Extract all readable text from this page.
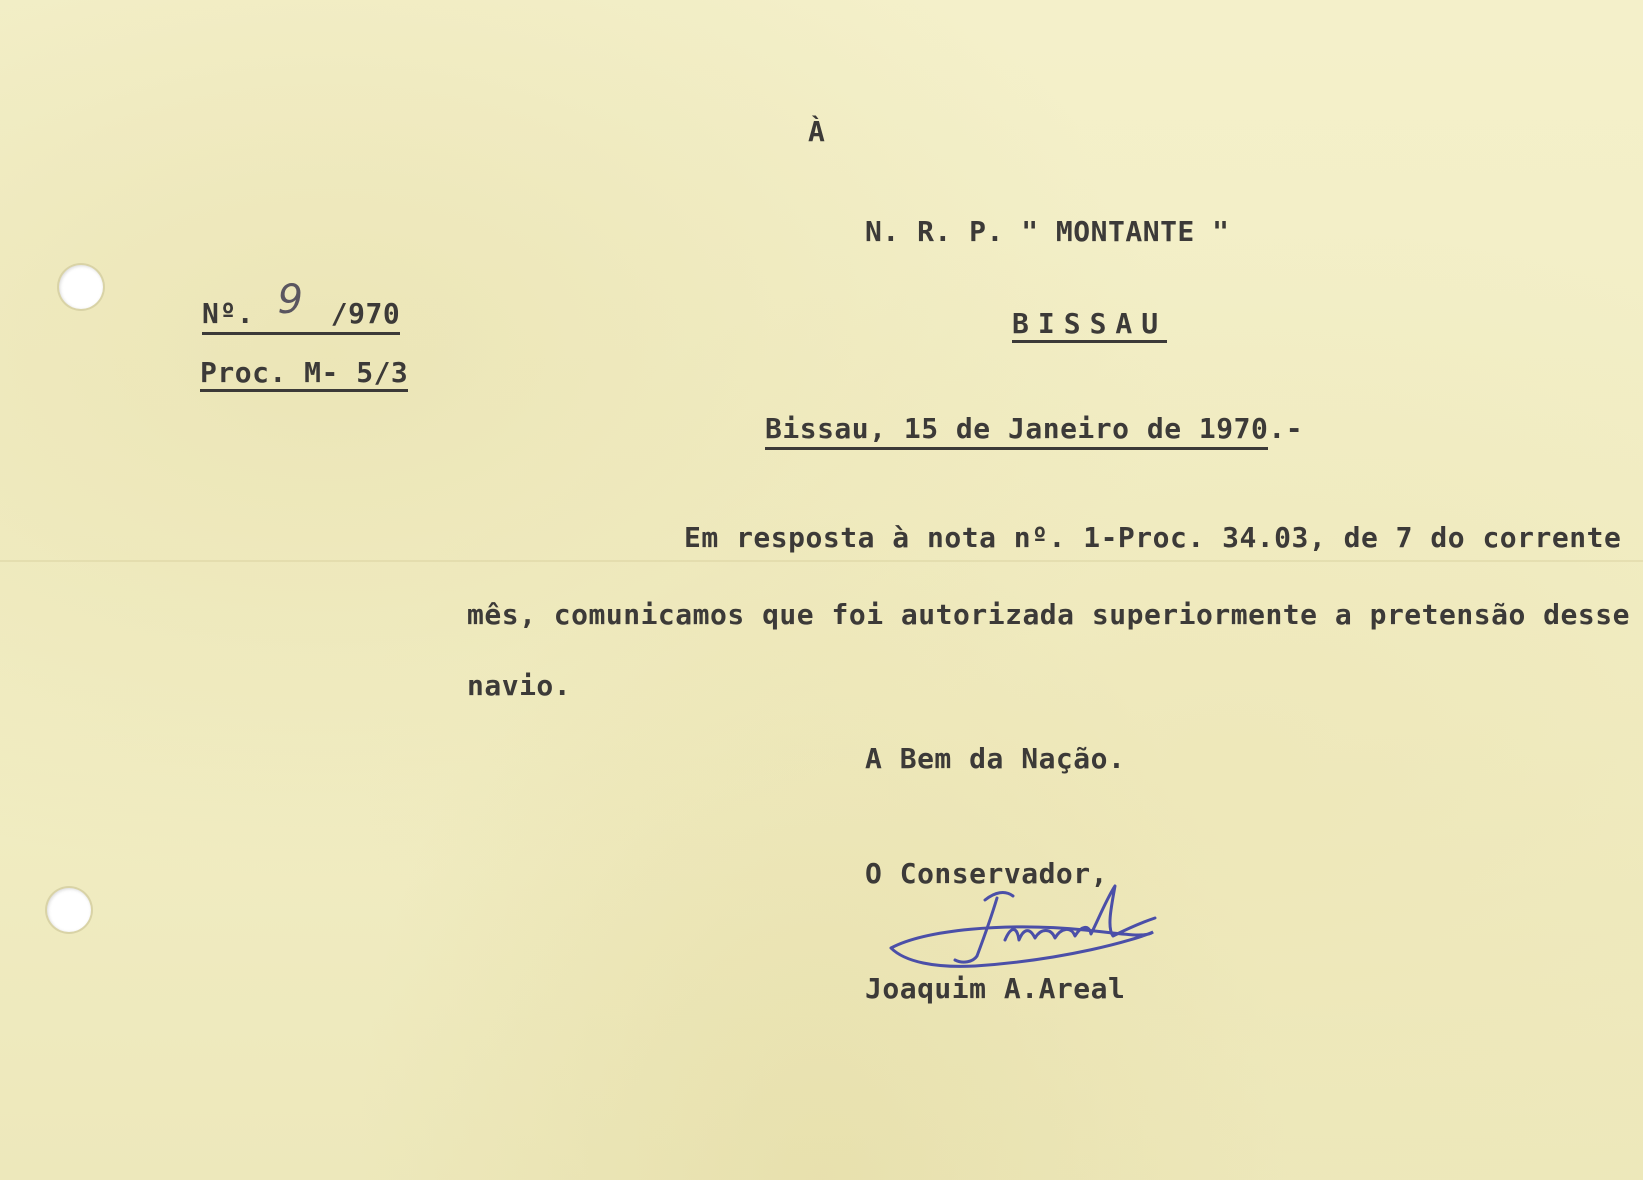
À
N. R. P. " MONTANTE "
BISSAU
Nº. 9 /970
Proc. M- 5/3
Bissau, 15 de Janeiro de 1970.-
Em resposta à nota nº. 1-Proc. 34.03, de 7 do corrente
mês, comunicamos que foi autorizada superiormente a pretensão desse
navio.
A Bem da Nação.
O Conservador,
Joaquim A.Areal
